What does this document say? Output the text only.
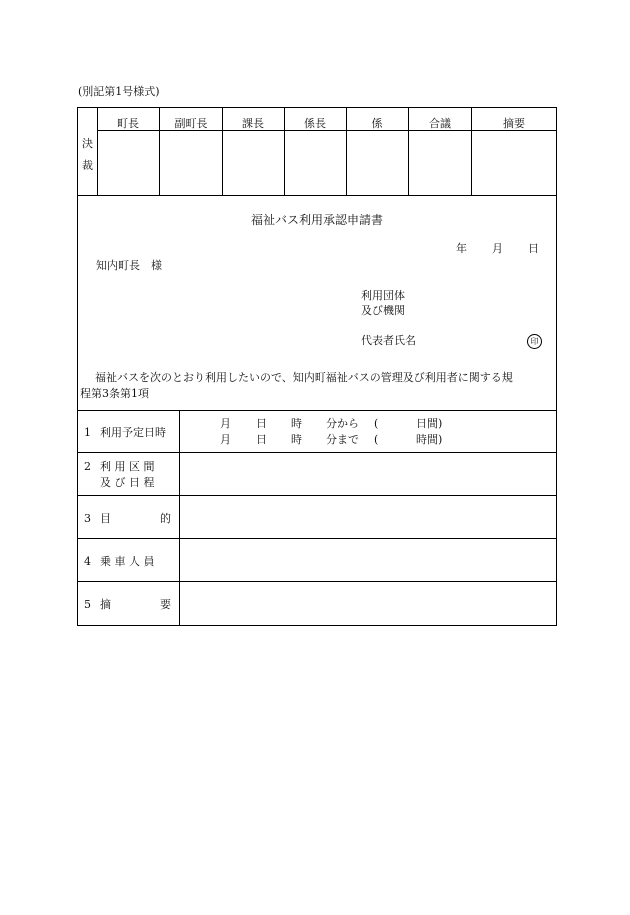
(別記第1号様式)
決
裁
町長	副町長	課長	係長	係	合議	摘要
福祉バス利用承認申請書
年 月 日
知内町長　様
利用団体
及び機関
代表者氏名	印
福祉バスを次のとおり利用したいので、知内町福祉バスの管理及び利用者に関する規
程第3条第1項
1 利用予定日時
月 日 時 分から (	日間)
月 日 時 分まで (	時間)
2 利 用 区 間
及 び 日 程
3 目	的
4 乗 車 人 員
5 摘	要
